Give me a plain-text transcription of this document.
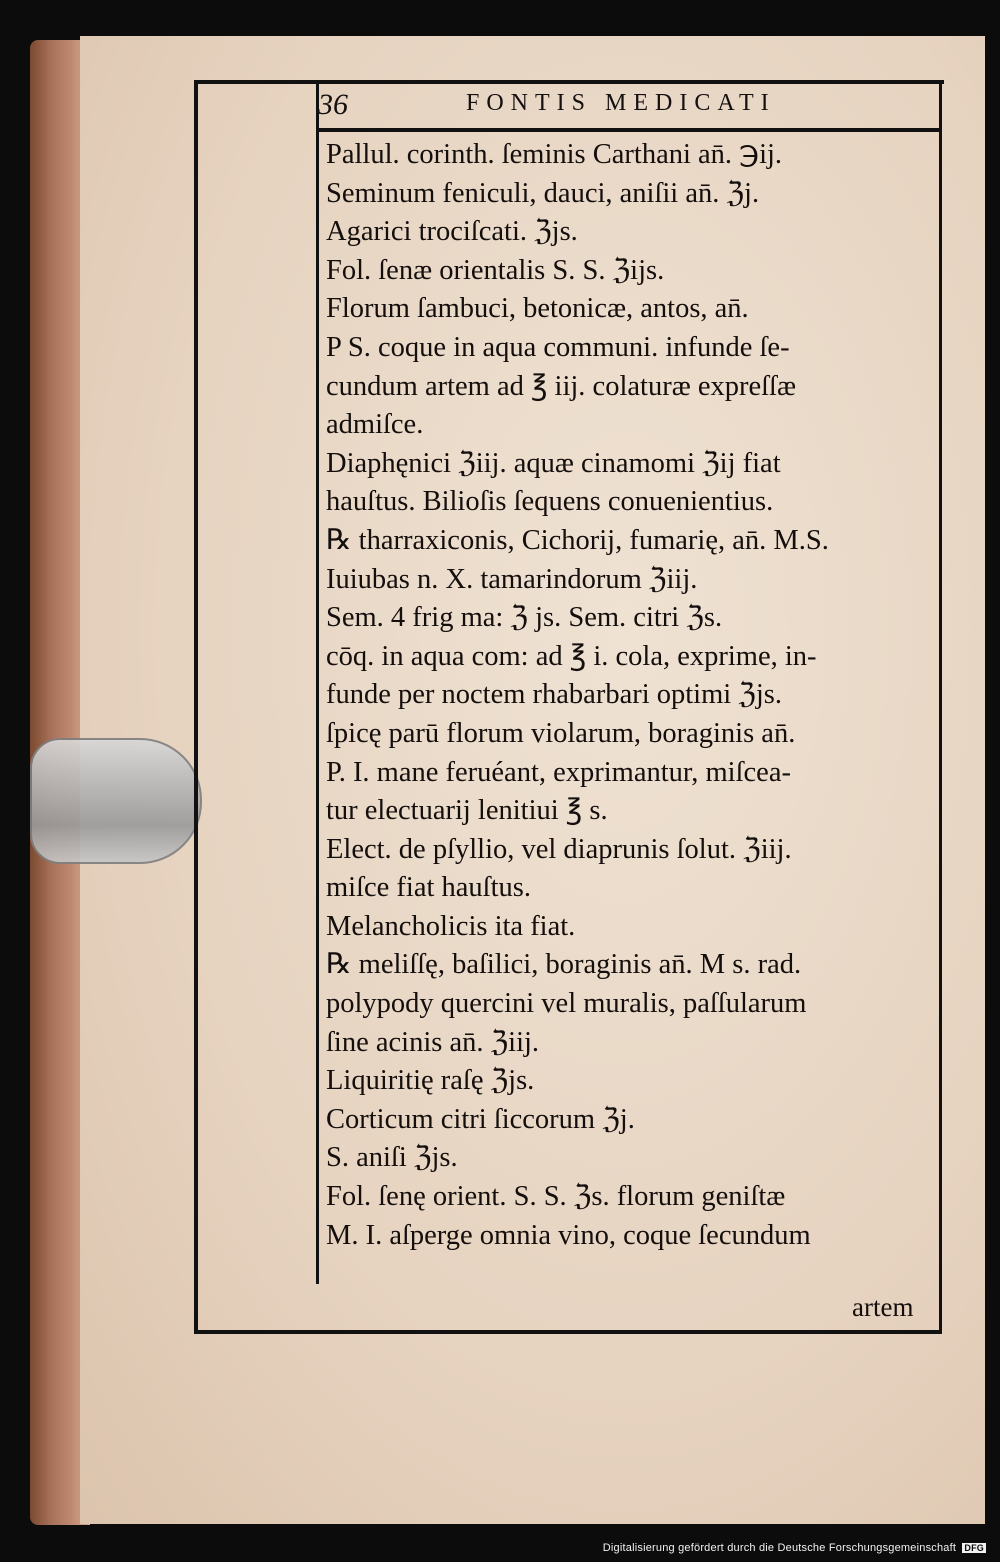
36	FONTIS MEDICATI
Pallul. corinth. ſeminis Carthani an̄. ℈ij.
Seminum feniculi, dauci, aniſii an̄. ℨj.
Agarici trociſcati. ℨjs.
Fol. ſenæ orientalis S. S. ℨijs.
Florum ſambuci, betonicæ, antos, an̄.
P S. coque in aqua communi. infunde ſe-
cundum artem ad ℥ iij. colaturæ expreſſæ
admiſce.
Diaphęnici ℨiij. aquæ cinamomi ℨij fiat
hauſtus. Bilioſis ſequens conuenientius.
℞ tharraxiconis, Cichorij, fumarię, an̄. M.S.
Iuiubas n. X. tamarindorum ℨiij.
Sem. 4 frig ma: ℨ js. Sem. citri ℨs.
cōq. in aqua com: ad ℥ i. cola, exprime, in-
funde per noctem rhabarbari optimi ℨjs.
ſpicę parū florum violarum, boraginis an̄.
P. I. mane feruéant, exprimantur, miſcea-
tur electuarij lenitiui ℥ s.
Elect. de pſyllio, vel diaprunis ſolut. ℨiij.
miſce fiat hauſtus.
Melancholicis ita fiat.
℞ meliſſę, baſilici, boraginis an̄. M s. rad.
polypody quercini vel muralis, paſſularum
ſine acinis an̄. ℨiij.
Liquiritię raſę ℨjs.
Corticum citri ſiccorum ℨj.
S. aniſi ℨjs.
Fol. ſenę orient. S. S. ℨs. florum geniſtæ
M. I. aſperge omnia vino, coque ſecundum
artem
Digitalisierung gefördert durch die Deutsche Forschungsgemeinschaft DFG
